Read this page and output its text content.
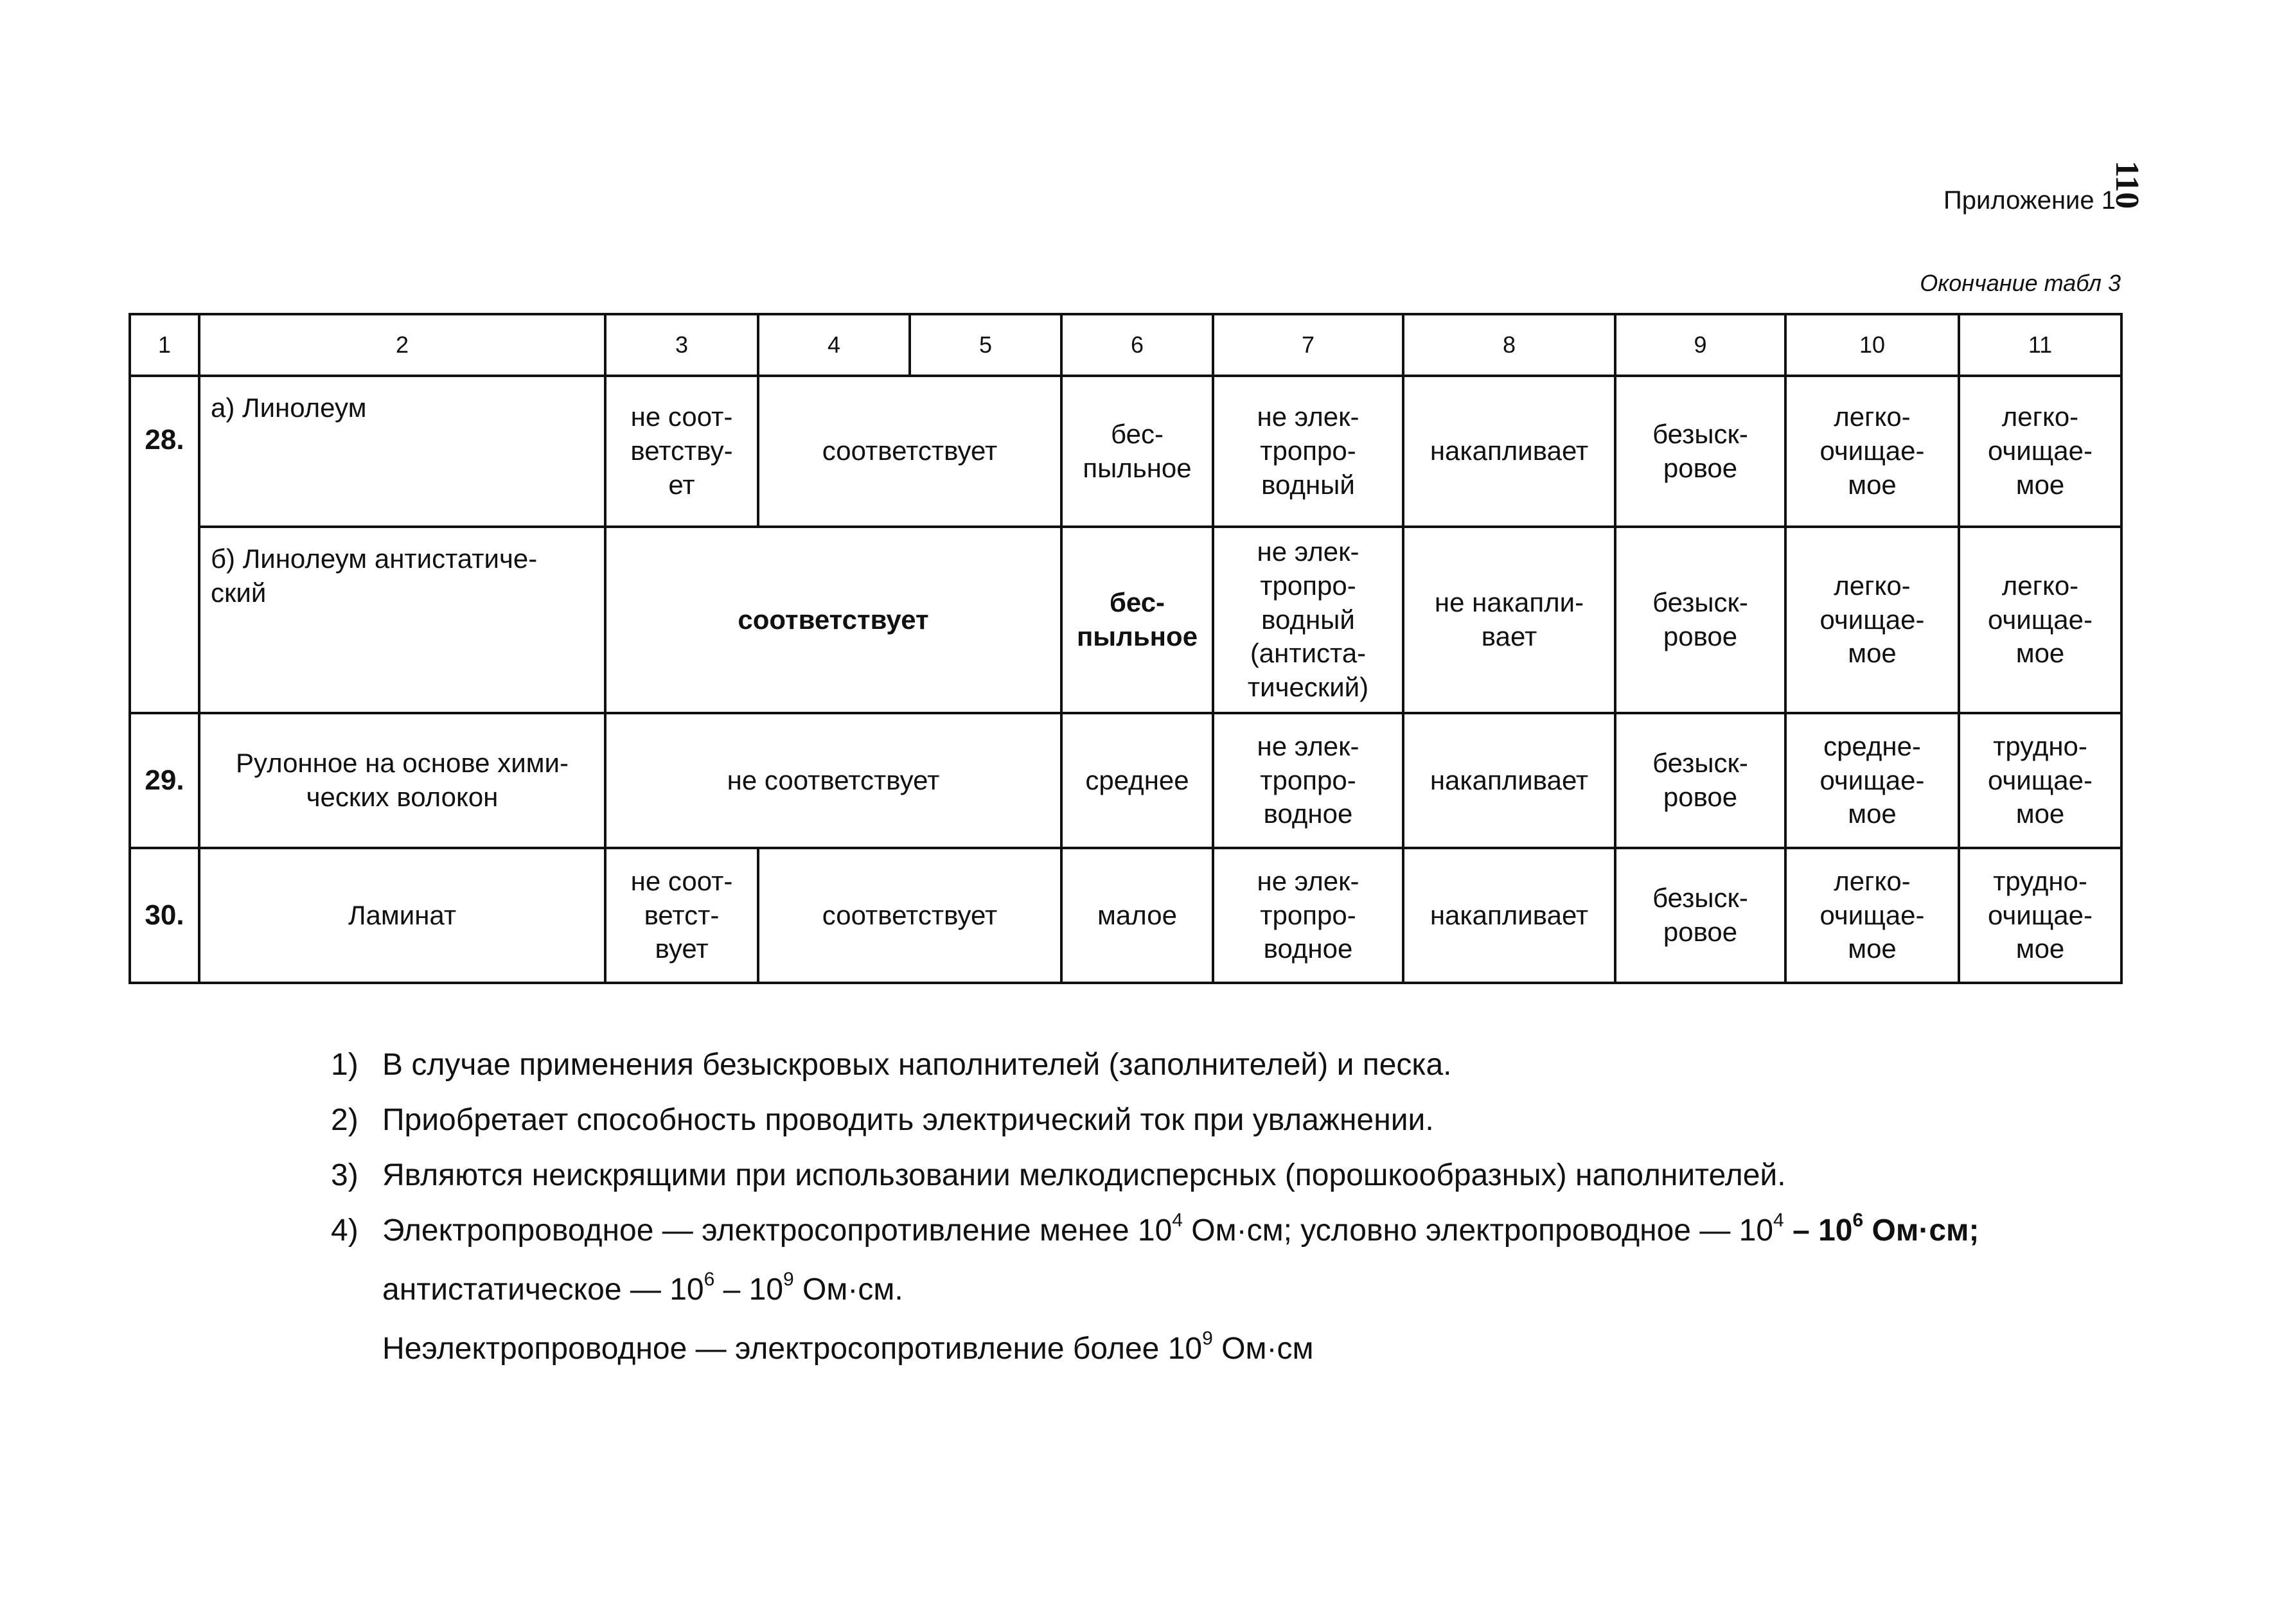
110
Приложение 1
Окончание табл 3
1	2	3	4	5	6	7	8	9	10	11
28.	а) Линолеум	не соот-
ветству-
ет	соответствует		бес-
пыльное	не элек-
тропро-
водный	накапливает	безыск-
ровое	легко-
очищае-
мое	легко-
очищае-
мое
	б) Линолеум антистатиче-
ский	соответствует			бес-
пыльное	не элек-
тропро-
водный
(антиста-
тический)	не накапли-
вает	безыск-
ровое	легко-
очищае-
мое	легко-
очищае-
мое
29.	Рулонное на основе хими-
ческих волокон	не соответствует			среднее	не элек-
тропро-
водное	накапливает	безыск-
ровое	средне-
очищае-
мое	трудно-
очищае-
мое
30.	Ламинат	не соот-
ветст-
вует	соответствует		малое	не элек-
тропро-
водное	накапливает	безыск-
ровое	легко-
очищае-
мое	трудно-
очищае-
мое
1) В случае применения безыскровых наполнителей (заполнителей) и песка.
2) Приобретает способность проводить электрический ток при увлажнении.
3) Являются неискрящими при использовании мелкодисперсных (порошкообразных) наполнителей.
4) Электропроводное — электросопротивление менее $10^4$ Ом·см; условно электропроводное — $10^4 - 10^6$ Ом·см;
антистатическое — $10^6 - 10^9$ Ом·см.
Неэлектропроводное — электросопротивление более $10^9$ Ом·см
